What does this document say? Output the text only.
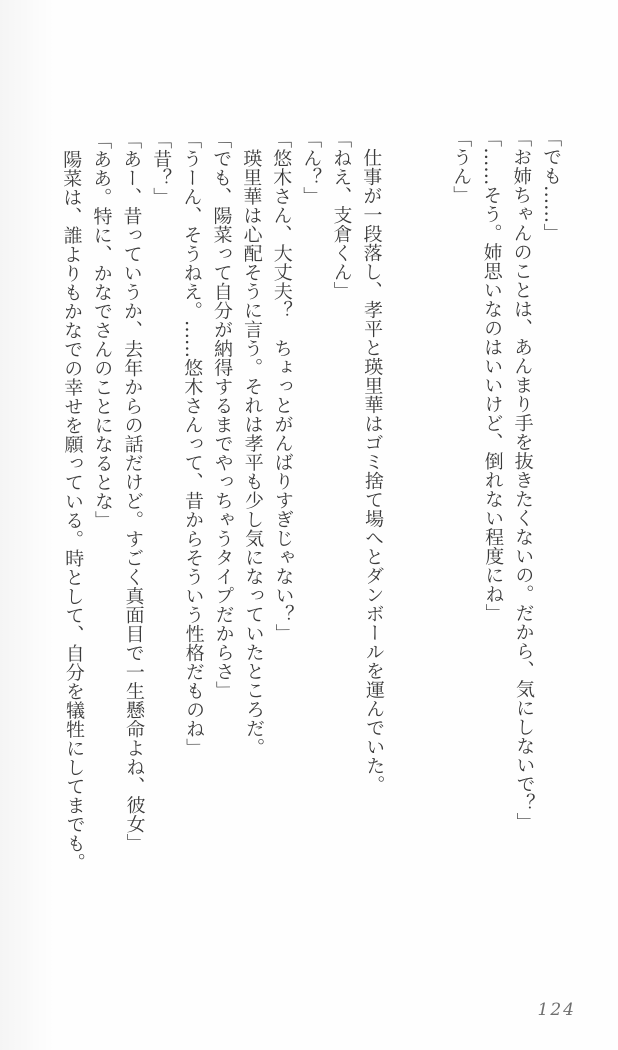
「でも……」

「お姉ちゃんのことは、あんまり手を抜きたくないの。だから、気にしないで？」

「……そう。姉思いなのはいいけど、倒れない程度にね」

「うん」

仕事が一段落し、孝平と瑛里華はゴミ捨て場へとダンボールを運んでいた。

「ねえ、支倉くん」

「ん？」

「悠木さん、大丈夫？　ちょっとがんばりすぎじゃない？」

瑛里華は心配そうに言う。それは孝平も少し気になっていたところだ。

「でも、陽菜って自分が納得するまでやっちゃうタイプだからさ」

「うーん、そうねえ。……悠木さんって、昔からそういう性格だものね」

「昔？」

「あー、昔っていうか、去年からの話だけど。すごく真面目で一生懸命よね、彼女」

「ああ。特に、かなでさんのことになるとな」

陽菜は、誰よりもかなでの幸せを願っている。時として、自分を犠牲にしてまでも。

124
